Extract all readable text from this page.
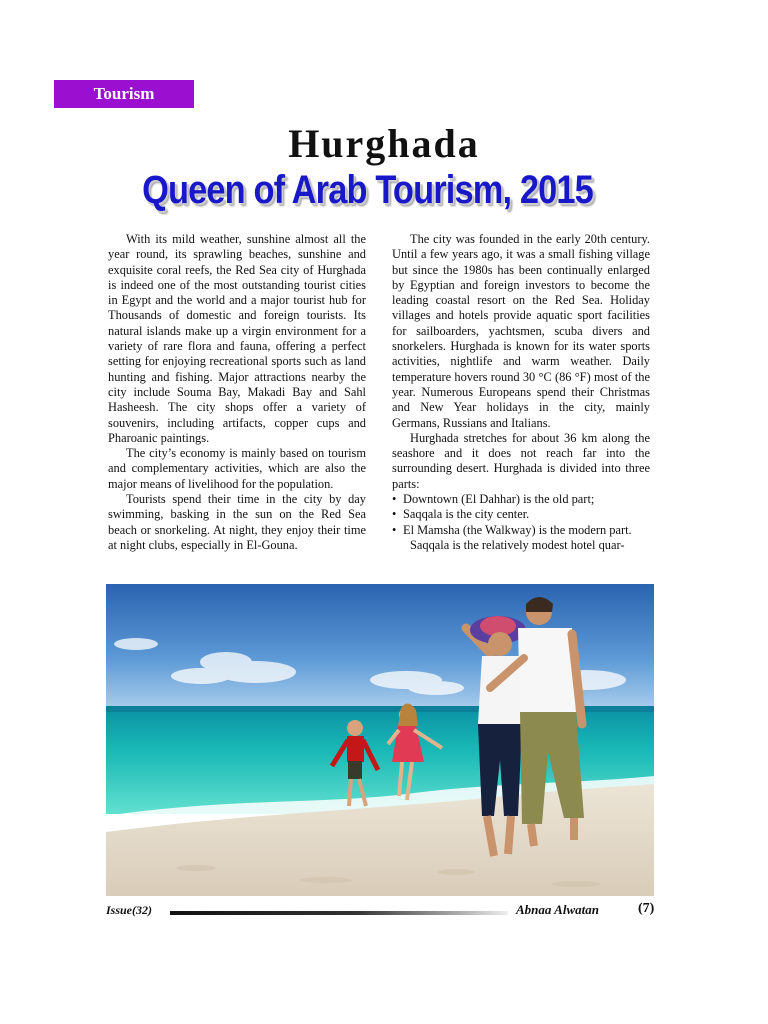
Tourism
Hurghada
Queen of Arab Tourism, 2015

With its mild weather, sunshine almost all the year round, its sprawling beaches, sunshine and exquisite coral reefs, the Red Sea city of Hurghada is indeed one of the most outstanding tourist cities in Egypt and the world and a major tourist hub for Thousands of domestic and foreign tourists. Its natural islands make up a virgin environment for a variety of rare flora and fauna, offering a perfect setting for enjoying recreational sports such as land hunting and fishing. Major attractions nearby the city include Souma Bay, Makadi Bay and Sahl Hasheesh. The city shops offer a variety of souvenirs, including artifacts, copper cups and Pharoanic paintings.

The city’s economy is mainly based on tourism and complementary activities, which are also the major means of livelihood for the population.

Tourists spend their time in the city by day swimming, basking in the sun on the Red Sea beach or snorkeling. At night, they enjoy their time at night clubs, especially in El-Gouna.

The city was founded in the early 20th century. Until a few years ago, it was a small fishing village but since the 1980s has been continually enlarged by Egyptian and foreign investors to become the leading coastal resort on the Red Sea. Holiday villages and hotels provide aquatic sport facilities for sailboarders, yachtsmen, scuba divers and snorkelers. Hurghada is known for its water sports activities, nightlife and warm weather. Daily temperature hovers round 30 °C (86 °F) most of the year. Numerous Europeans spend their Christmas and New Year holidays in the city, mainly Germans, Russians and Italians.

Hurghada stretches for about 36 km along the seashore and it does not reach far into the surrounding desert. Hurghada is divided into three parts:

• Downtown (El Dahhar) is the old part;
• Saqqala is the city center.
• El Mamsha (the Walkway) is the modern part.

Saqqala is the relatively modest hotel quar-

Issue(32)	Abnaa Alwatan	(7)
